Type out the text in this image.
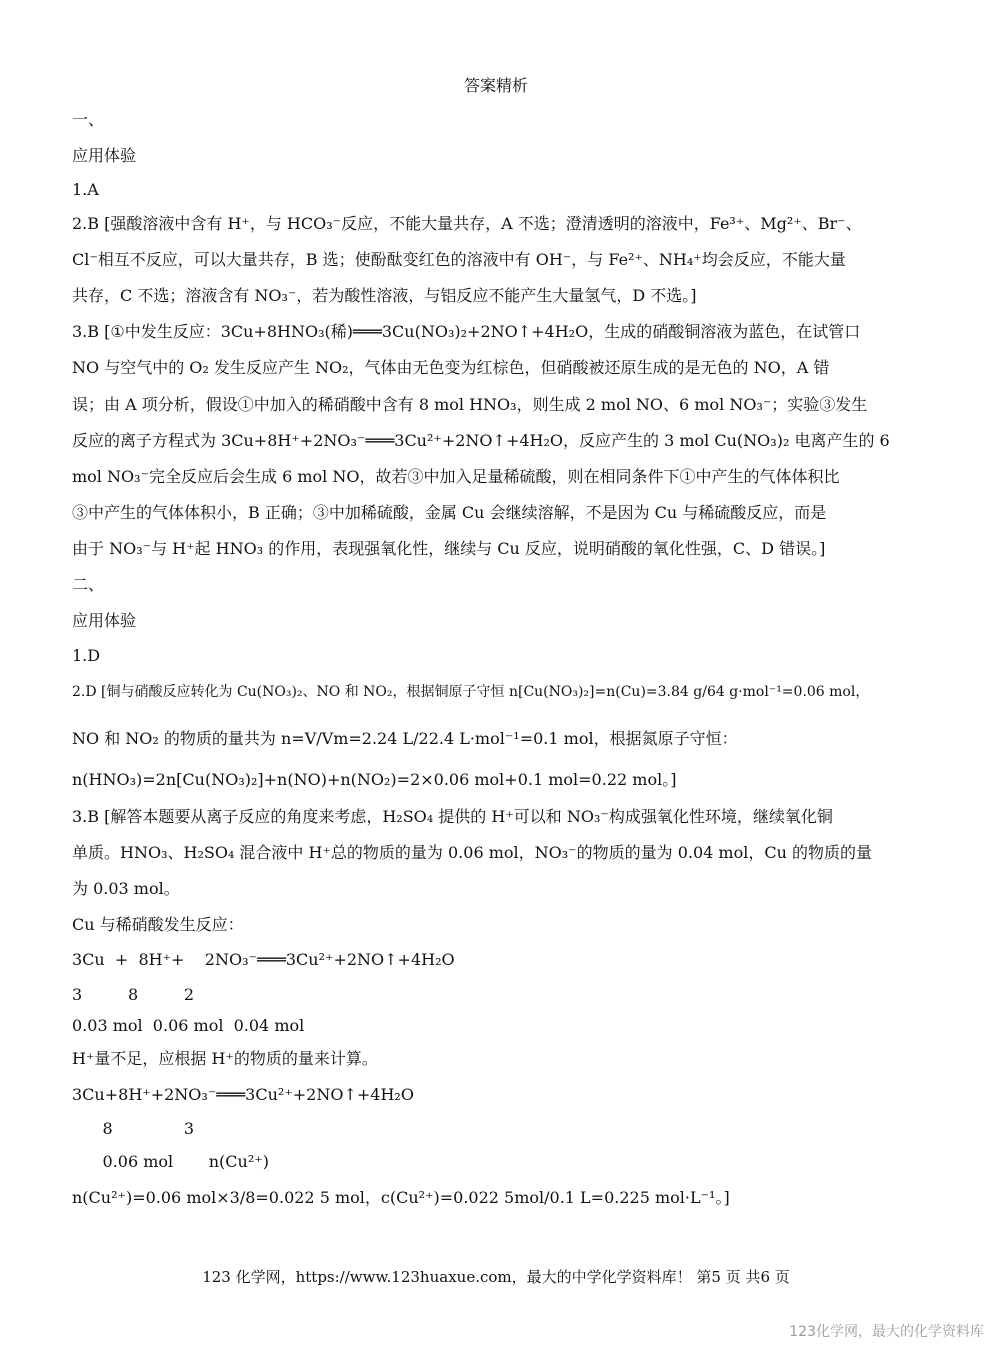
答案精析
一、
应用体验
1.A
2.B [强酸溶液中含有 H⁺，与 HCO₃⁻反应，不能大量共存，A 不选；澄清透明的溶液中，Fe³⁺、Mg²⁺、Br⁻、
Cl⁻相互不反应，可以大量共存，B 选；使酚酞变红色的溶液中有 OH⁻，与 Fe²⁺、NH₄⁺均会反应，不能大量
共存，C 不选；溶液含有 NO₃⁻，若为酸性溶液，与铝反应不能产生大量氢气，D 不选。]
3.B [①中发生反应：3Cu+8HNO₃(稀)═══3Cu(NO₃)₂+2NO↑+4H₂O，生成的硝酸铜溶液为蓝色，在试管口
NO 与空气中的 O₂ 发生反应产生 NO₂，气体由无色变为红棕色，但硝酸被还原生成的是无色的 NO，A 错
误；由 A 项分析，假设①中加入的稀硝酸中含有 8 mol HNO₃，则生成 2 mol NO、6 mol NO₃⁻；实验③发生
反应的离子方程式为 3Cu+8H⁺+2NO₃⁻═══3Cu²⁺+2NO↑+4H₂O，反应产生的 3 mol Cu(NO₃)₂ 电离产生的 6
mol NO₃⁻完全反应后会生成 6 mol NO，故若③中加入足量稀硫酸，则在相同条件下①中产生的气体体积比
③中产生的气体体积小，B 正确；③中加稀硫酸，金属 Cu 会继续溶解，不是因为 Cu 与稀硫酸反应，而是
由于 NO₃⁻与 H⁺起 HNO₃ 的作用，表现强氧化性，继续与 Cu 反应，说明硝酸的氧化性强，C、D 错误。]
二、
应用体验
1.D
2.D [铜与硝酸反应转化为 Cu(NO₃)₂、NO 和 NO₂，根据铜原子守恒 n[Cu(NO₃)₂]=n(Cu)=3.84 g/64 g·mol⁻¹=0.06 mol，
NO 和 NO₂ 的物质的量共为 n=V/Vm=2.24 L/22.4 L·mol⁻¹=0.1 mol，根据氮原子守恒：
n(HNO₃)=2n[Cu(NO₃)₂]+n(NO)+n(NO₂)=2×0.06 mol+0.1 mol=0.22 mol。]
3.B [解答本题要从离子反应的角度来考虑，H₂SO₄ 提供的 H⁺可以和 NO₃⁻构成强氧化性环境，继续氧化铜
单质。HNO₃、H₂SO₄ 混合液中 H⁺总的物质的量为 0.06 mol，NO₃⁻的物质的量为 0.04 mol，Cu 的物质的量
为 0.03 mol。
Cu 与稀硝酸发生反应：
3Cu  +  8H⁺+    2NO₃⁻═══3Cu²⁺+2NO↑+4H₂O
3         8         2
0.03 mol  0.06 mol  0.04 mol
H⁺量不足，应根据 H⁺的物质的量来计算。
3Cu+8H⁺+2NO₃⁻═══3Cu²⁺+2NO↑+4H₂O
8              3
0.06 mol       n(Cu²⁺)
n(Cu²⁺)=0.06 mol×3/8=0.022 5 mol，c(Cu²⁺)=0.022 5mol/0.1 L=0.225 mol·L⁻¹。]
123 化学网，https://www.123huaxue.com，最大的中学化学资料库！ 第5 页 共6 页
123化学网，最大的化学资料库
